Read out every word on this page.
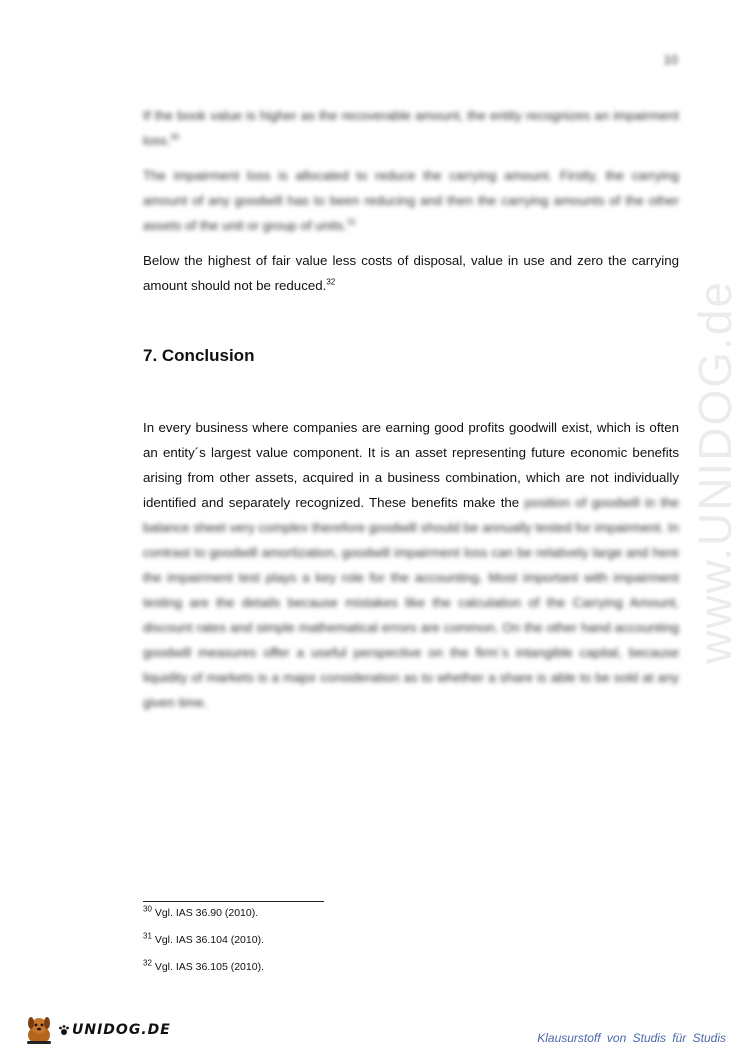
10
www.UNIDOG.de

If the book value is higher as the recoverable amount, the entity recognizes an impairment loss.$^{30}$

The impairment loss is allocated to reduce the carrying amount. Firstly, the carrying amount of any goodwill has to been reducing and then the carrying amounts of the other assets of the unit or group of units.$^{31}$

Below the highest of fair value less costs of disposal, value in use and zero the carrying amount should not be reduced.$^{32}$

7. Conclusion

In every business where companies are earning good profits goodwill exist, which is often an entity´s largest value component. It is an asset representing future economic benefits arising from other assets, acquired in a business combination, which are not individually identified and separately recognized. These benefits make the position of goodwill in the balance sheet very complex therefore goodwill should be annually tested for impairment. In contrast to goodwill amortization, goodwill impairment loss can be relatively large and here the impairment test plays a key role for the accounting. Most important with impairment testing are the details because mistakes like the calculation of the Carrying Amount, discount rates and simple mathematical errors are common. On the other hand accounting goodwill measures offer a useful perspective on the firm´s intangible capital, because liquidity of markets is a major consideration as to whether a share is able to be sold at any given time.

$^{30}$ Vgl. IAS 36.90 (2010).

$^{31}$ Vgl. IAS 36.104 (2010).

$^{32}$ Vgl. IAS 36.105 (2010).

UNIDOG.DE	Klausurstoff von Studis für Studis
